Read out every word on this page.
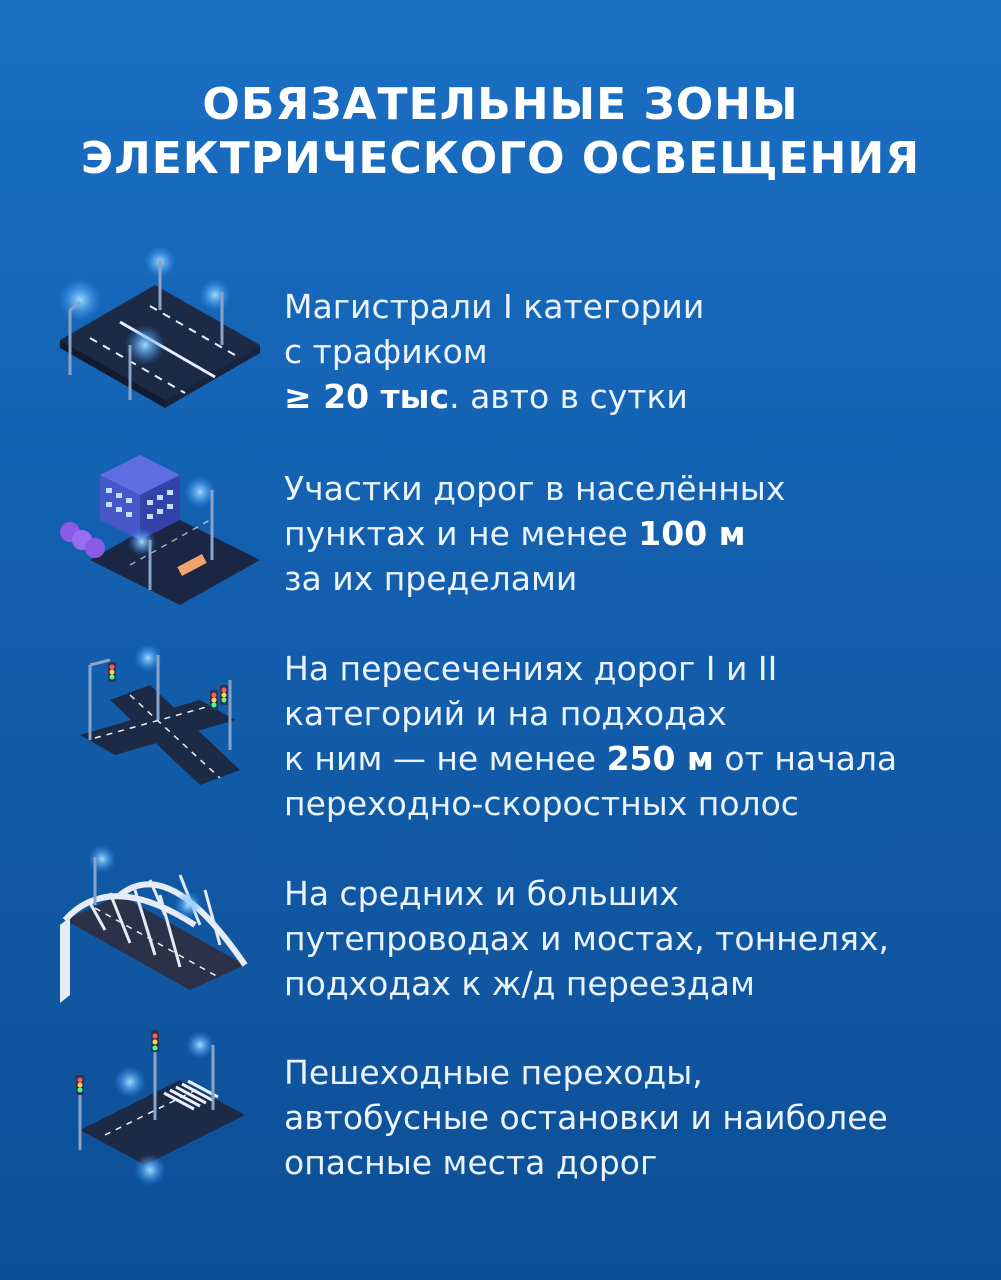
ОБЯЗАТЕЛЬНЫЕ ЗОНЫ
ЭЛЕКТРИЧЕСКОГО ОСВЕЩЕНИЯ
Магистрали I категории
с трафиком
≥ 20 тыс. авто в сутки
Участки дорог в населённых
пунктах и не менее 100 м
за их пределами
На пересечениях дорог I и II
категорий и на подходах
к ним — не менее 250 м от начала
переходно-скоростных полос
На средних и больших
путепроводах и мостах, тоннелях,
подходах к ж/д переездам
Пешеходные переходы,
автобусные остановки и наиболее
опасные места дорог
